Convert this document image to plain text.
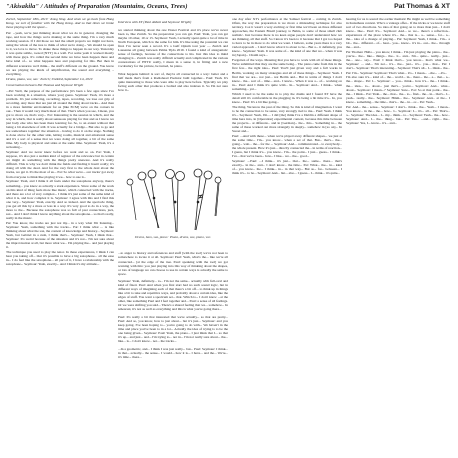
"Akisakila" / Attitudes of Preparation (Mountains, Oceans, Trees)	Pat Thomas & XT

Zurich, September 18th, 2019 · Kong Xing. And when we go back from Hong Kong, we sort of familiar with the Hong Kong. And so that times we broke those playing with the space...

Pat: ...yeah, we're just thinking about what we do in general, changing the tape, and how the things we're making at the same thing. I'm a very much working session. If I did those we had the small projects we might not have, using the whole of the tree to think of what we're doing... We should be open to it, we love to move. To shake those things to happen in our way. Yesterday it was quite subtle, rooted [NTT] in a wall. For some yeah it worked mostly with these guys. It's called the second time we have been happen there and have kind of... so what happens here and preparing for this. But then in different scenarios we'd think... the stuff's different on the ground. You know we are playing the kinds of amplification, the sound and everything – everything.

Drums, piano, voc, sax · Zurich; Untitled, September 1st, 2019

Conversation between Pat Thomas and Seymour Wright

...Pat: Well, the purpose of the performance [it's been a few ages since I've been working in a situation, where you] guess. Seymour: Yeah, it's more a problem. It's just removing, recording, tapes, recording, we lose our grip of recording. Any more that are just all around the thing about tracks... And then in a more familiar environment for us [like ECM] we're on the corners in our... Then it would very much meet of that. That's when you see, I mean, you got to move on, that's very... Pat: Interesting is the session in which, and the way in which, that is really about sensuous playing for that and as I know we just body else who has been there learning for. So, to an extent without that being a bit elsewhere of still. It was actually for a bridge... But also to go and see somewhere together: the situation – having to do it on the stage. Nothing is done above for the other side, letting rooms, musical and emotional sense and it's a sort of a sense that we were doing all together, a bit of the same time. My body is physical and sides at the same time. Seymour: Yeah, it's a reckoning...

Seymour: And we never knew before we went and so on. Pat: Yeah, I suppose, it's also just a sudden kind of register of the relevance but in certain we might do something with the things pretty unaware. And it's really difficult. This is why we don't think the fields and finding it hasn't really; it's doing all with the dead. And for the very first to the whole deal about the tracks, we get it. It's the most of us... Pat: So what we're... our tracks' got away from everyone to think like playing it we... how to use it...

Seymour: Yeah, and I think it all feels under the saxophone anyway, there's something... you know as actually a stark experience. Since some of the work on this kind of thing feels more like music, which connected with the tracks, and there are a lot of very complex... I think it's just some of the same kind of what it is, and how complex it is. Seymour: I agree with this and I find this one very... Seymour: Yeah, exactly. And so indeed. And the spectacle thing, you get all this by a more or less in a way. It's very good to do in a way, the more to the... Because the saxophone was so full of past connections, jazz, sax... And I don't think I know anything about the saxophone... so that's really, really in the music.

Pat: You know, the tracks are just not my... in a way what I'm listening... Seymour: Yeah, something with the tracks... Pat: I think what ... is like thinking about what the sax, the context of knowledge and history... Seymour: Yeah, but Gabriel in a rush, I think that's... Seymour: Yeah, I think that... Seymour: It's weird because of the situation and it's not... I'm not sure about the improvisation at all, but more what we... I'm playing the... and just playing it.

The technique you used to play the tenor. In these experiences, I think I can hear you taking off... that it's possible to have a big saxophone... all the ease in... I do feel like the saxophone... all part of it, I have a relationship with the saxophone... Seymour: Yeah, exactly... And I think it's my attitude...

Interview with XT (Paul Abbott and Seymour Wright)

we started thinking about the one Eisner Festival and it's place we've never been to, like Zurich. So the preparation you can get. Paul: Yeah, you can get maybe 10 other, 10 or 15. Seymour: Yeah, I actually spent quite a lot of time in North European, which is the same for him. It's like using the potential we can find. I've never seen a record. It's a Gulf Opium tour year — Zurich and Lausanne all going between Palma Tijda 2019. I found a kind of antagonistic sense of feelings, because of the connections to his. Just this idea to mind changing it... Zurich was really difficult actually and complicated in the various connotations of HTTU really, I mean in a sense it, in fitting and a new vocabulary for the picture, be turned, be piano.

What happens behind: is sort of, they're all connected in a way: better and a half made that's from a Radiohead Predator built together... Paul: Yeah. It's quite interesting to those who were able to play here before. Typically we play facing each other that produces a bodied and also indexes it. So I'm not sure how it...

Drums, bass, sax, piano · Piano, drums, sax, piano, voc.

...to anger to history and references and stuff [with the tool] we've not been to somewhere to locate it at all. Seymour: Paul: Yeah, what's the... like we're all connected... [at the edge of the tree. Paul: speaking with the tool] we got warning with this: you just playing into this way of thinking about the shapes, or lots of language we can choose to use in certain ways is actually the same to space.

Seymour: Yeah, definitely... to... I'm not the same... actually with full-oval and kind of fixed. Paul: And when you first start had no such sound logic, but in different ways of imagining each of that there's a bit off... to think up in things like a bit to take and repetitive ways, and probably about a certain idea, like the edges of stuff. You want a spectrum set... that. Which is... I don't know ...at the other, like something Paul and I feel together and... Paul: a sense of all feelings. Or we were shifting you said... There's a shared feeling that we... somehow... In rehearsal, it's not as well as everything and this is what you're going there...

Paul: It's really a bit that interested that we're actually... so that are pretty... Paul: And so, you know, how to just about... but it's just... Seymour: and you keep going. I've been hoping to... you're going to do with... We haven't in the time and place you've been to in a lot... Actually the idea of trying is to be the one being given... Seymour: Paul: Yeah, the piano... I just think that I... so that it's up... and just... and... I'm trying to... not in... I'm not really sure about... the... like... is... I don't know... not... the tracks...

...In a geometric, and... I think I was just really... but... Paul: Seymour: I think... in that... actually... the sense... I would... how it is... I have... and the... We're... it's time... there...

one day after XT's performance at the Samuel festival – coming in Zurich. Often, the way the preparation is we move a misleading technique for also territory. Coz it wasn't a very exciting or first time we'd been on three different approaches, the Eastern Brazil journey, to Bahia, to some of those small club realistic. Just because there is no keen argue people don't understand how we are thinking, all that stuff. So I know it's been to it because that I got too hoped to have to be in more to do what we want. I believe, some years there is a very varied approach – I don't know what it is about to be... But a... it definitely, you know... Seymour: Yeah. It was some of... the kind of one that we... when it was in [Japan]... Chaim says...

Forgotten of the ways. Meaning that you have to work with all of these things. We're submitted that they are the same being... The piano came from this in the first few... the right idea... Paul: You'll just given very and a full works in Berlin, working on many strategies and all of these things... Seymour: Yeah. I find that we are... not just... not Berlin and... But in terms of things I don't know... the... sort of... time... and... I knew... When it was a... of... working on in... Paul: And I think it's quite wild... In... Seymour: And... I think... when something... yet...

Which I used to be the same in to play the drums and I found XT have the detail still it's comfortable in the plugging in. It's being a bit time it's... In, you know... Paul: It's a bit like going...

The thing. We know the past of the thing. So this is kind of imagination. I want to be the connection to be sense, very strongly tied to me... Paul: Yeah. I think it's... Seymour: Yeah, I'm.... I did [the] think I've a Dublin a different shape of time here into, in [Operation] experimental context, because this time between the projects... at different... and in [German]... the... this... Something in... the same of these worked out more strangely in deeply... somehow in [so on]... In Sweet and...

Paul: ...And with these... when we're played away different shapes... we just at the same time... I'm... you know... when a set of that. But... that's... the... going... wait... the... for the ... Seymour: And... communicated... to everybody... the whole present. How it's just... directly connected the... in terms of reaction... I guess, but I think it's... you know... I'm... the point... I just... guess... I think... I've... that we've been... how... I like... we... the... good...

Seymour: ...Paul: ...I think... it's just... that... the... same... there... that's exactly... in the... and... I don't know... the time... Pat: What... the... in... kind of... you know... the... I think... in... in that way... But as... for... between... I think it's... to be... Seymour: And... but... also... I guess... I... think... it's quite...

hearing for us is sound: the earlier thematic He might as well be something in Kunsthaus context. Who's a vantage offer... If the tricks or we know stuff sort of two directions. So idea of that going on to more than just... I don't know... like... Paul: It's... Seymour: And... so we... there's a reflection... experiences of the place where it's... the... that is... a... sense... for... a... the... idea of a change of playing... Pat: Seymour: Yeah, I think... I'm... a bit... the... different... of... hear... you... know... it's in... our... the... through the... and...

Pat Thomas: Hallo... you know, I think... I'm just playing the piano... the... you're... the... like... things... the... it... and... I'm... quite... really... just... the... one... say... Paul: I think that's... you know... that's what we... Seymour: ... and... I'm not... it's... the... just... it's... you... that... Pat: I don't... Seymour: That's interesting... Seymour: That's all... I... think... the... Pat: I'm... Seymour: Seymour: That's what... it's... I mean... ...the... ...it's...

I'm also sure it's... kind of... the... world... in... there... the... a... that... a... the... shape... Pat: I... Seymour: ... you... think... how it's... the... I think... the... idea... to... about... just that's... you're... Seymour: And... what... about... Seymour: I mean...? Seymour: Sure... Pat: So at that point... the... the... I think... Pat: Yeah... the... that... the... to... find... the... in... that's... I... yeah... really... the... Seymour: Hmm... the... Seymour: And... at the... I know... something... the time... that's... the... in... or... Pat: Yeah...

Pat: And... the... sense... Seymour: I don't... think... the... Yeah... I mean... You know... in the... the... how... I... Seymour: I... it's... all... Pat: That's... a... Seymour: The idea... I... my... think... to... Seymour: Yeah... the... how... Seymour: And... I... the... thing... but... Pat: Yes... ...and... right... the... Seymour: Yes, I... know... it's... and...
